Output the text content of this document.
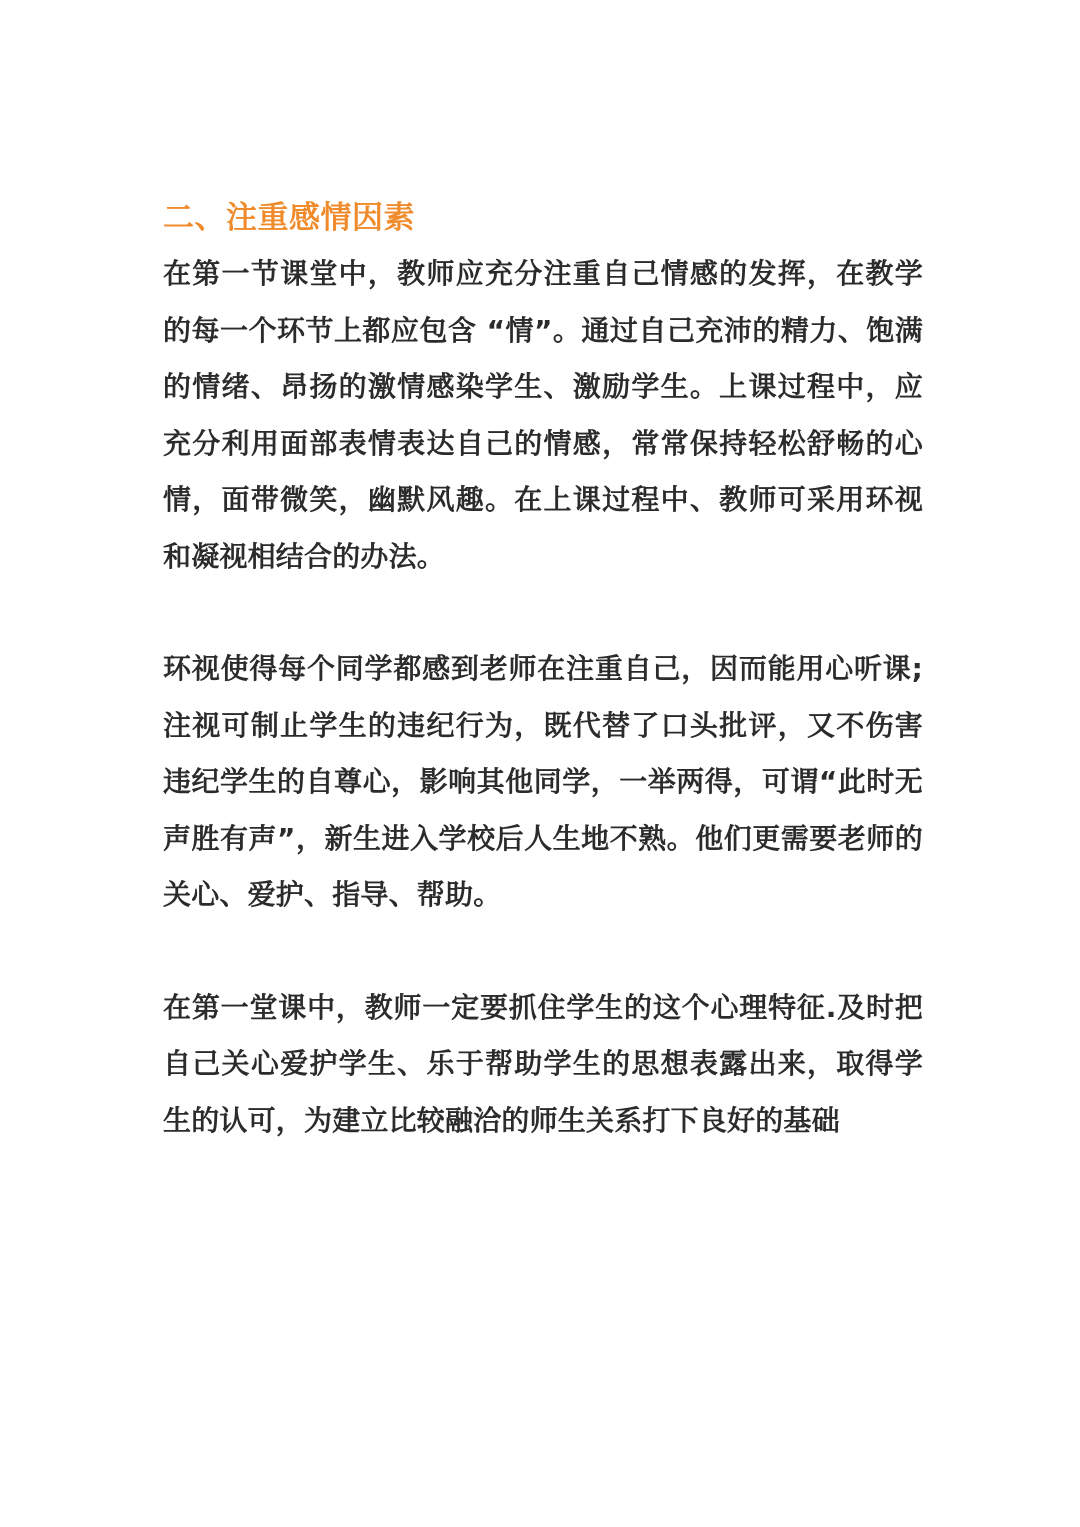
二、注重感情因素

在第一节课堂中，教师应充分注重自己情感的发挥，在教学的每一个环节上都应包含 “情”。通过自己充沛的精力、饱满的情绪、昂扬的激情感染学生、激励学生。上课过程中，应充分利用面部表情表达自己的情感，常常保持轻松舒畅的心情，面带微笑，幽默风趣。在上课过程中、教师可采用环视和凝视相结合的办法。

环视使得每个同学都感到老师在注重自己，因而能用心听课;注视可制止学生的违纪行为，既代替了口头批评，又不伤害违纪学生的自尊心，影响其他同学，一举两得，可谓“此时无声胜有声”，新生进入学校后人生地不熟。他们更需要老师的关心、爱护、指导、帮助。

在第一堂课中，教师一定要抓住学生的这个心理特征.及时把自己关心爱护学生、乐于帮助学生的思想表露出来，取得学生的认可，为建立比较融洽的师生关系打下良好的基础
